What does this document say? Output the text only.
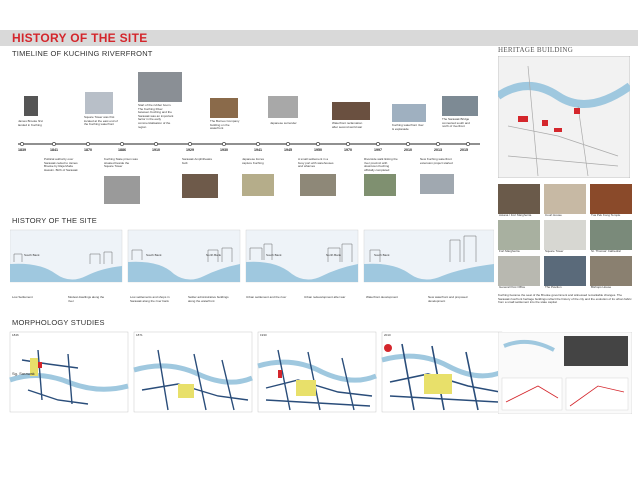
HISTORY OF THE SITE
TIMELINE OF KUCHING RIVERFRONT	HERITAGE BUILDING
1839	1841	1870	1886	1910	1929	1930	1941	1945	1950	1970	1997	2010	2013	2015
James Brooke first landed in Kuching
Square Tower was first located at the east end of the Kuching waterfront
Start of the rubber boom. The Kuching River between Kuching and the Sarawak was an important factor in the early commercialisation of the region
The Borneo Company building on the waterfront
Japanese surrender	Waterfront reclamation after second world war	Kuching waterfront river & esplanade
The Sarawak Bridge connected south and north of riverfront
Political authority over Sarawak ceded to James Brooke by Raja Muda Hassim. Birth of Sarawak
Kuching State prison was situated beside the Square Tower
Sarawak Amphitheatre built
Japanese forces capture Kuching
A small settlement in a busy port with warehouses and wharves
Riverside walk linking the river precinct with downtown Kuching officially completed
New Kuching waterfront extension project started
HISTORY OF THE SITE
South Bank	South Bank	North Bank	South Bank	North Bank	South Bank
Low Settlement	Modest dwellings along the river
Low settlements and shops in Sarawak along the river bank
Settler administrative buildings along the waterfront
Urban settlement and the river	Urban redevelopment after war	Waterfront development	New waterfront and proposed development
MORPHOLOGY STUDIES
1846
Sg. Sarawak
1871	1930	2010
Astana / Fort Margherita	Court House	Tua Pek Kong Temple
Fort Margherita	Square Tower	St. Thomas' Cathedral
General Post Office	The Pavilion	Bishops House
Kuching became the seat of the Brooke government and witnessed remarkable changes. The Sarawak riverfront heritage buildings reflect the history of the city and the evolution of its urban fabric from a small settlement into the state capital.
